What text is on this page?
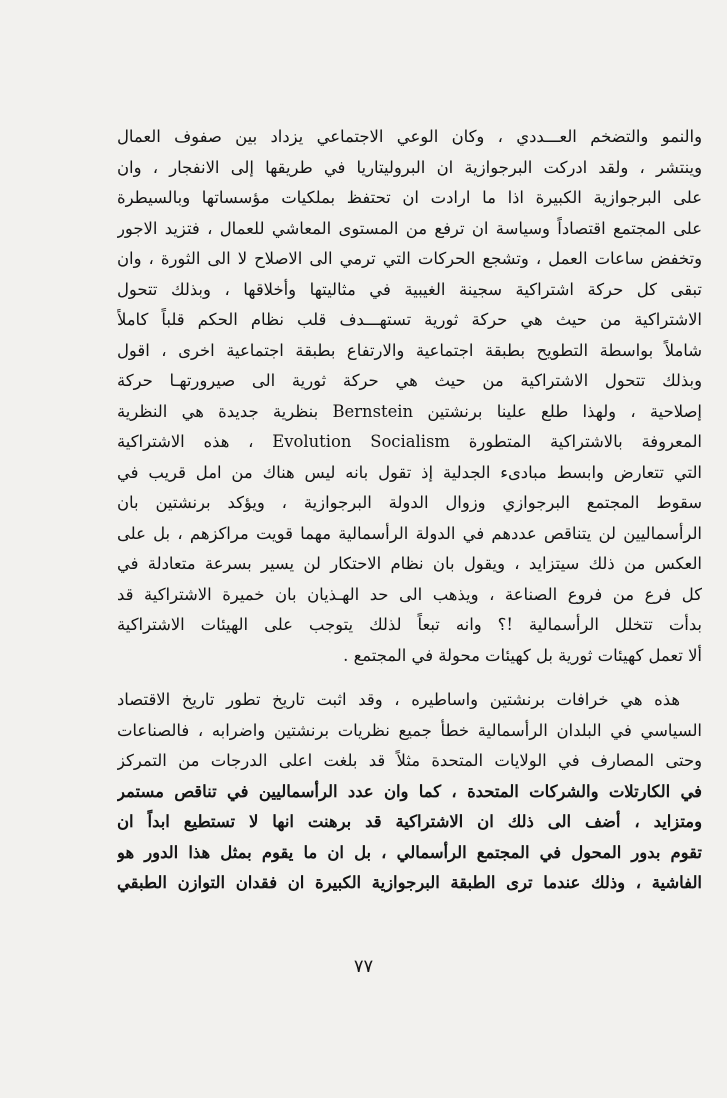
والنمو والتضخم العـــددي ، وكان الوعي الاجتماعي يزداد بين صفوف العمال
وينتشر ، ولقد ادركت البرجوازية ان البروليتاريا في طريقها إلى الانفجار ، وان
على البرجوازية الكبيرة اذا ما ارادت ان تحتفظ بملكيات مؤسساتها وبالسيطرة
على المجتمع اقتصاداً وسياسة ان ترفع من المستوى المعاشي للعمال ، فتزيد الاجور
وتخفض ساعات العمل ، وتشجع الحركات التي ترمي الى الاصلاح لا الى الثورة ، وان
تبقى كل حركة اشتراكية سجينة الغيبية في مثاليتها وأخلاقها ، وبذلك تتحول
الاشتراكية من حيث هي حركة ثورية تستهـــدف قلب نظام الحكم قلباً كاملاً
شاملاً بواسطة التطويح بطبقة اجتماعية والارتفاع بطبقة اجتماعية اخرى ، اقول
وبذلك تتحول الاشتراكية من حيث هي حركة ثورية الى صيرورتهـا حركة
إصلاحية ، ولهذا طلع علينا برنشتين Bernstein بنظرية جديدة هي النظرية
المعروفة بالاشتراكية المتطورة Evolution Socialism ، هذه الاشتراكية
التي تتعارض وابسط مبادىء الجدلية إذ تقول بانه ليس هناك من امل قريب في
سقوط المجتمع البرجوازي وزوال الدولة البرجوازية ، ويؤكد برنشتين بان
الرأسماليين لن يتناقص عددهم في الدولة الرأسمالية مهما قويت مراكزهم ، بل على
العكس من ذلك سيتزايد ، ويقول بان نظام الاحتكار لن يسير بسرعة متعادلة في
كل فرع من فروع الصناعة ، ويذهب الى حد الهـذيان بان خميرة الاشتراكية قد
بدأت تتخلل الرأسمالية !؟ وانه تبعاً لذلك يتوجب على الهيئات الاشتراكية
ألا تعمل كهيئات ثورية بل كهيئات محولة في المجتمع .
هذه هي خرافات برنشتين واساطيره ، وقد اثبت تاريخ تطور تاريخ الاقتصاد
السياسي في البلدان الرأسمالية خطأ جميع نظريات برنشتين واضرابه ، فالصناعات
وحتى المصارف في الولايات المتحدة مثلاً قد بلغت اعلى الدرجات من التمركز
في الكارتلات والشركات المتحدة ، كما وان عدد الرأسماليين في تناقص مستمر
ومتزايد ، أضف الى ذلك ان الاشتراكية قد برهنت انها لا تستطيع ابداً ان
تقوم بدور المحول في المجتمع الرأسمالي ، بل ان ما يقوم بمثل هذا الدور هو
الفاشية ، وذلك عندما ترى الطبقة البرجوازية الكبيرة ان فقدان التوازن الطبقي
٧٧
